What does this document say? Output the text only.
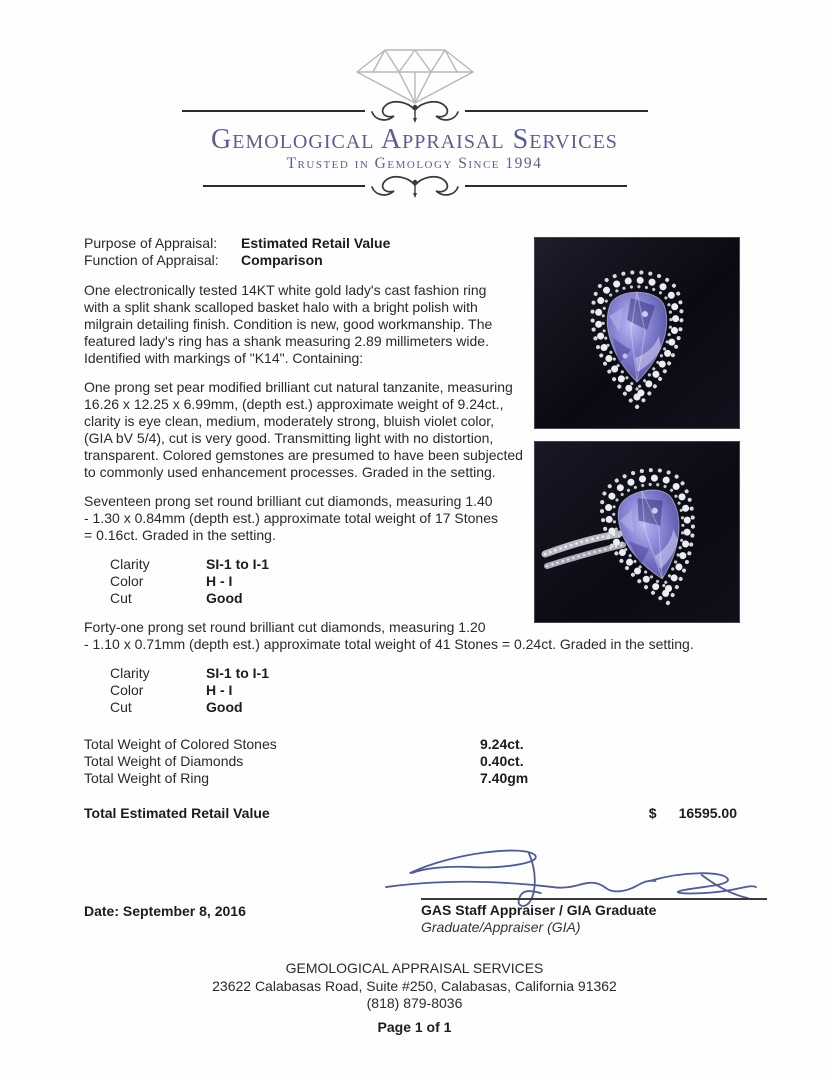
Gemological Appraisal Services
Trusted in Gemology Since 1994
Purpose of Appraisal:	Estimated Retail Value
Function of Appraisal:	Comparison
One electronically tested 14KT white gold lady's cast fashion ring
with a split shank scalloped basket halo with a bright polish with
milgrain detailing finish. Condition is new, good workmanship. The
featured lady's ring has a shank measuring 2.89 millimeters wide.
Identified with markings of "K14". Containing:
One prong set pear modified brilliant cut natural tanzanite, measuring
16.26 x 12.25 x 6.99mm, (depth est.) approximate weight of 9.24ct.,
clarity is eye clean, medium, moderately strong, bluish violet color,
(GIA bV 5/4), cut is very good. Transmitting light with no distortion,
transparent. Colored gemstones are presumed to have been subjected
to commonly used enhancement processes. Graded in the setting.
Seventeen prong set round brilliant cut diamonds, measuring 1.40
- 1.30 x 0.84mm (depth est.) approximate total weight of 17 Stones
= 0.16ct. Graded in the setting.
Clarity	SI-1 to I-1
Color	H - I
Cut	Good
Forty-one prong set round brilliant cut diamonds, measuring 1.20
- 1.10 x 0.71mm (depth est.) approximate total weight of 41 Stones = 0.24ct. Graded in the setting.
Clarity	SI-1 to I-1
Color	H - I
Cut	Good
Total Weight of Colored Stones	9.24ct.
Total Weight of Diamonds	0.40ct.
Total Weight of Ring	7.40gm
Total Estimated Retail Value	$ 16595.00
Date: September 8, 2016	GAS Staff Appraiser / GIA Graduate
Graduate/Appraiser (GIA)
GEMOLOGICAL APPRAISAL SERVICES
23622 Calabasas Road, Suite #250, Calabasas, California 91362
(818) 879-8036
Page 1 of 1
